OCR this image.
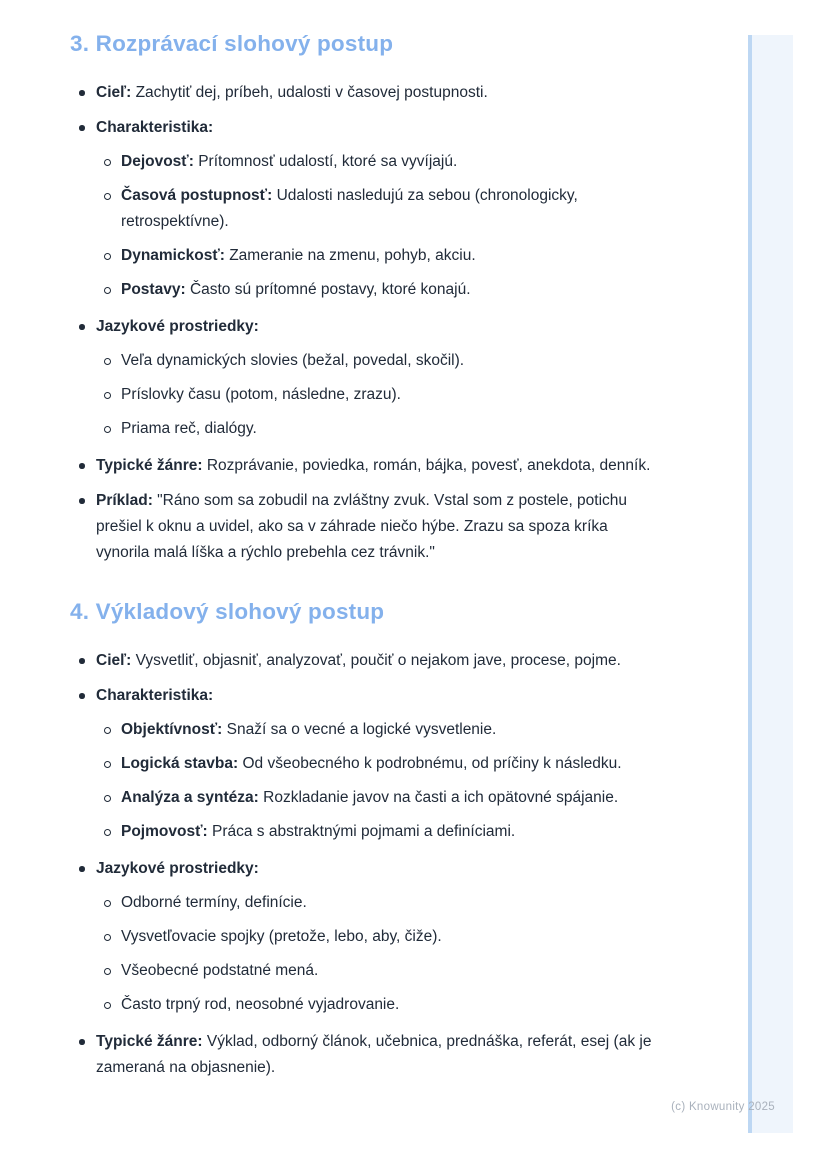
3. Rozprávací slohový postup
Cieľ: Zachytiť dej, príbeh, udalosti v časovej postupnosti.
Charakteristika:
Dejovosť: Prítomnosť udalostí, ktoré sa vyvíjajú.
Časová postupnosť: Udalosti nasledujú za sebou (chronologicky, retrospektívne).
Dynamickosť: Zameranie na zmenu, pohyb, akciu.
Postavy: Často sú prítomné postavy, ktoré konajú.
Jazykové prostriedky:
Veľa dynamických slovies (bežal, povedal, skočil).
Príslovky času (potom, následne, zrazu).
Priama reč, dialógy.
Typické žánre: Rozprávanie, poviedka, román, bájka, povesť, anekdota, denník.
Príklad: "Ráno som sa zobudil na zvláštny zvuk. Vstal som z postele, potichu prešiel k oknu a uvidel, ako sa v záhrade niečo hýbe. Zrazu sa spoza kríka vynorila malá líška a rýchlo prebehla cez trávnik."
4. Výkladový slohový postup
Cieľ: Vysvetliť, objasniť, analyzovať, poučiť o nejakom jave, procese, pojme.
Charakteristika:
Objektívnosť: Snaží sa o vecné a logické vysvetlenie.
Logická stavba: Od všeobecného k podrobnému, od príčiny k následku.
Analýza a syntéza: Rozkladanie javov na časti a ich opätovné spájanie.
Pojmovosť: Práca s abstraktnými pojmami a definíciami.
Jazykové prostriedky:
Odborné termíny, definície.
Vysvetľovacie spojky (pretože, lebo, aby, čiže).
Všeobecné podstatné mená.
Často trpný rod, neosobné vyjadrovanie.
Typické žánre: Výklad, odborný článok, učebnica, prednáška, referát, esej (ak je zameraná na objasnenie).
(c) Knowunity 2025
